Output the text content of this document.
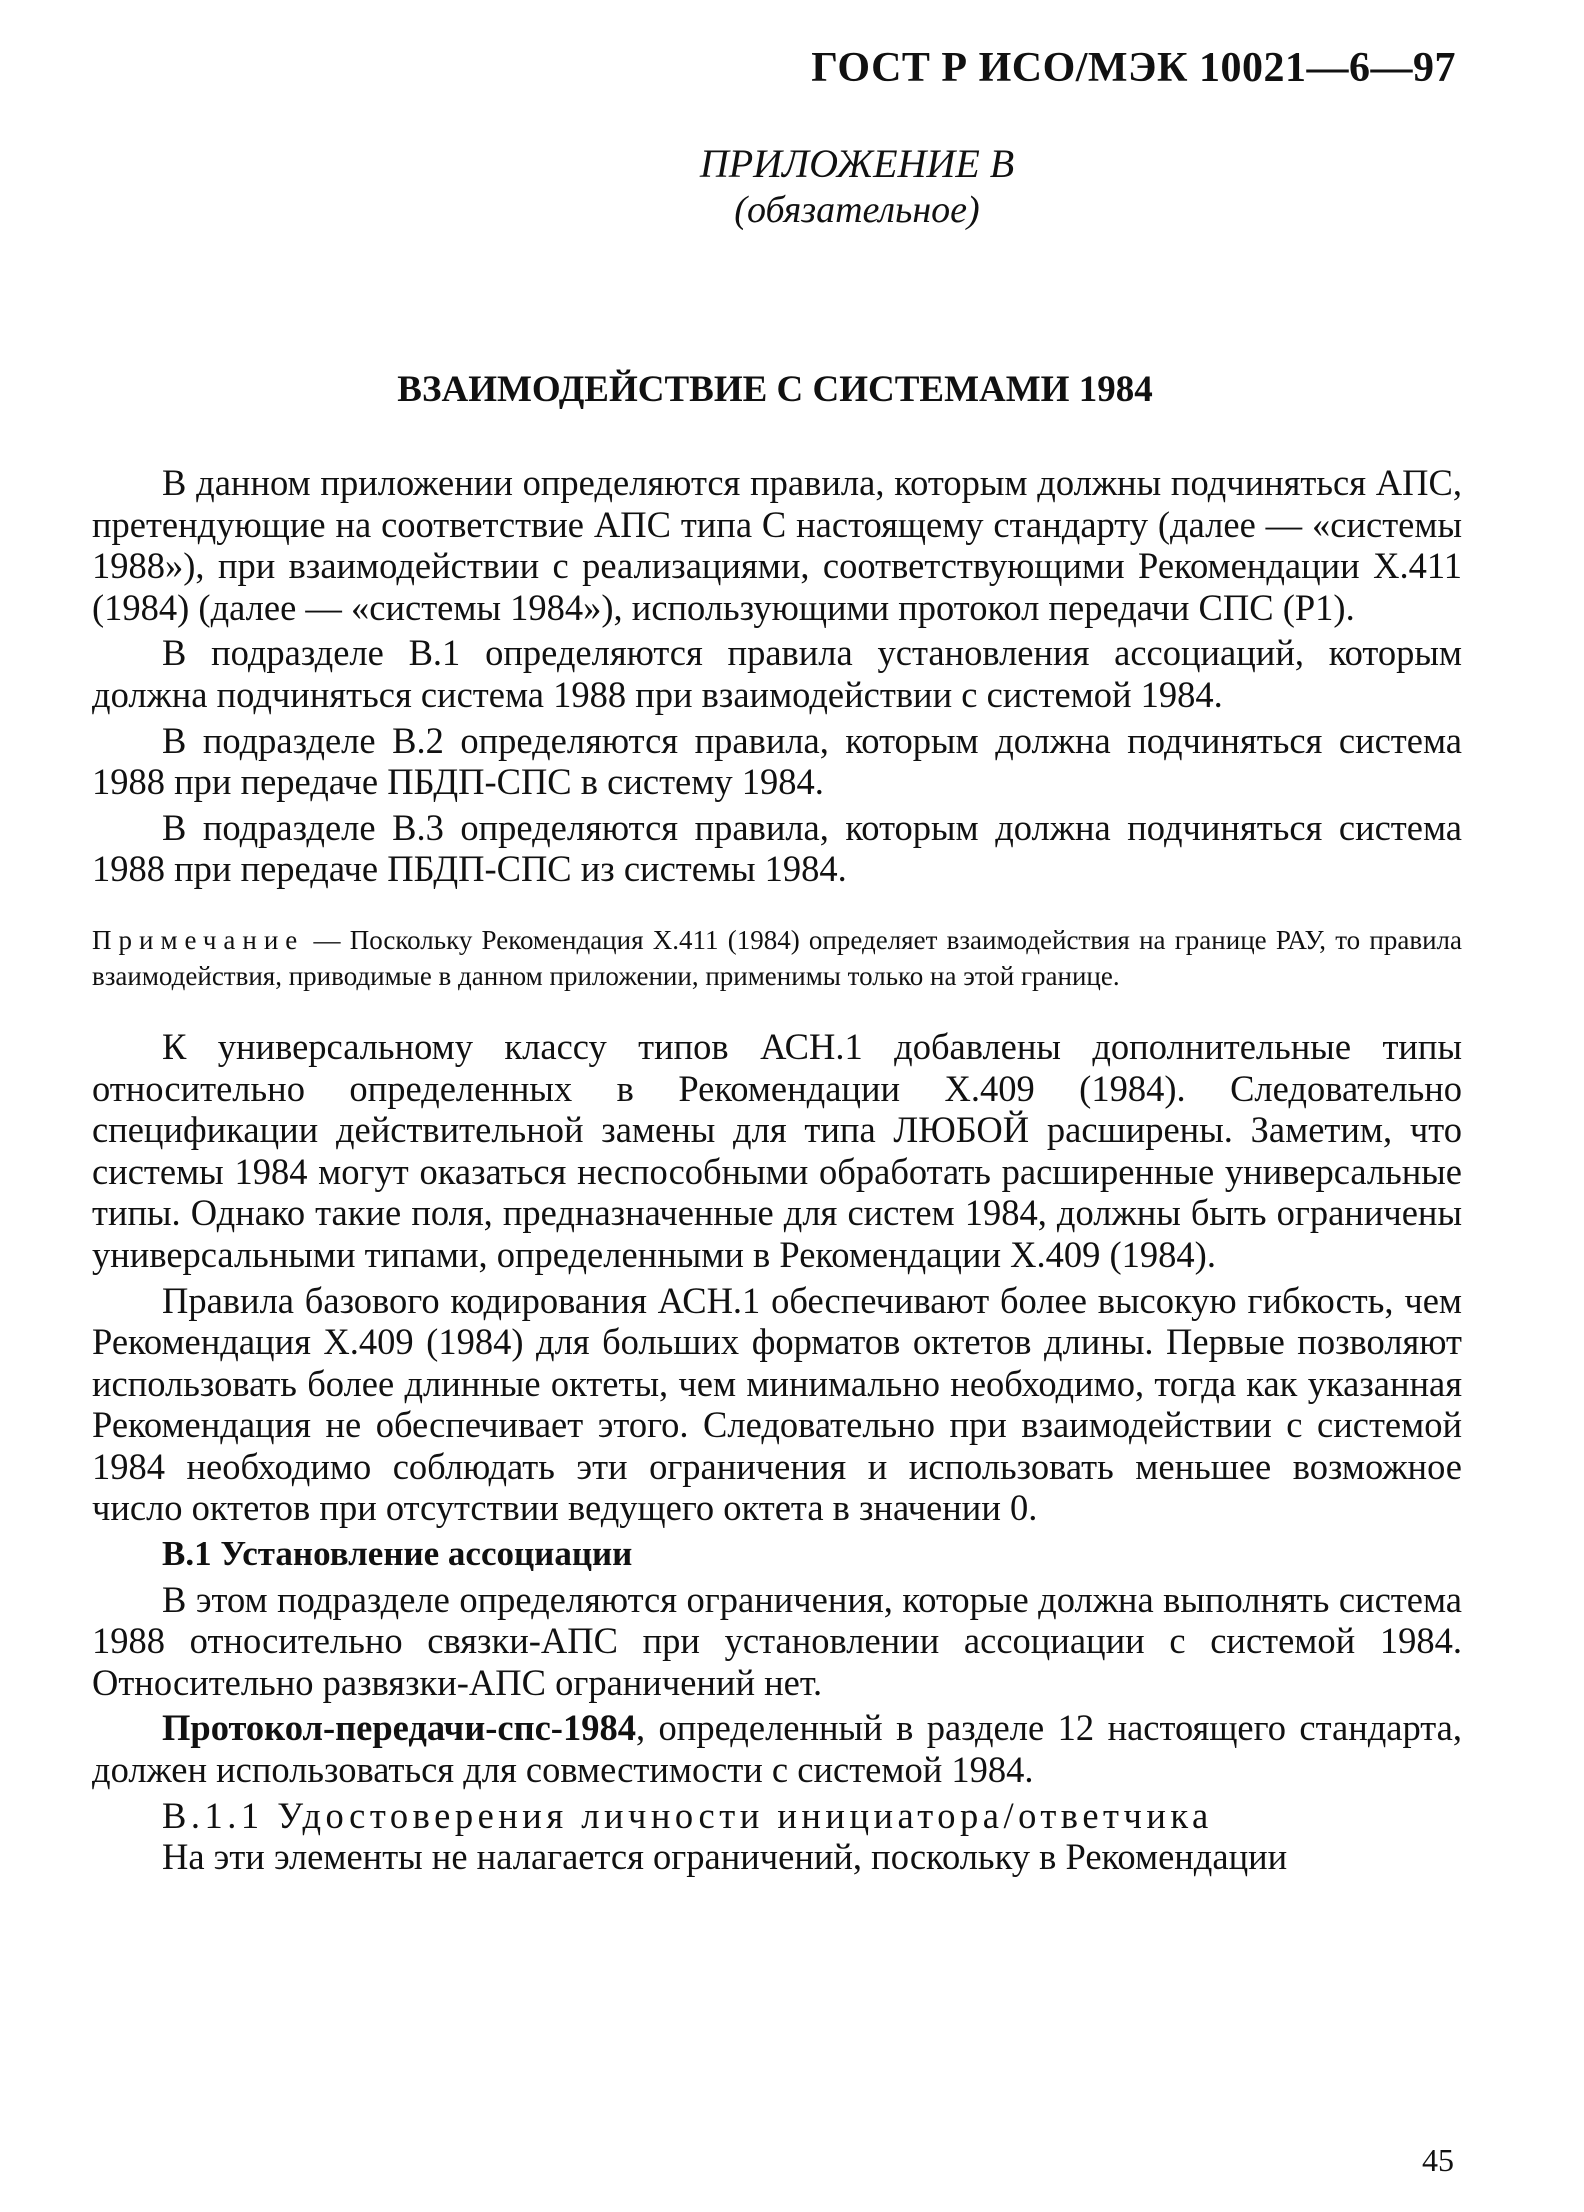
ГОСТ Р ИСО/МЭК 10021—6—97
ПРИЛОЖЕНИЕ В
(обязательное)
ВЗАИМОДЕЙСТВИЕ С СИСТЕМАМИ 1984

В данном приложении определяются правила, которым должны подчиняться АПС, претендующие на соответствие АПС типа С настоящему стандарту (далее — «системы 1988»), при взаимодействии с реализациями, соответствующими Рекомендации X.411 (1984) (далее — «системы 1984»), использующими протокол передачи СПС (Р1).

В подразделе В.1 определяются правила установления ассоциаций, которым должна подчиняться система 1988 при взаимодействии с системой 1984.

В подразделе В.2 определяются правила, которым должна подчиняться система 1988 при передаче ПБДП-СПС в систему 1984.

В подразделе В.3 определяются правила, которым должна подчиняться система 1988 при передаче ПБДП-СПС из системы 1984.

Примечание — Поскольку Рекомендация X.411 (1984) определяет взаимодействия на границе РАУ, то правила взаимодействия, приводимые в данном приложении, применимы только на этой границе.

К универсальному классу типов АСН.1 добавлены дополнительные типы относительно определенных в Рекомендации X.409 (1984). Следовательно спецификации действительной замены для типа ЛЮБОЙ расширены. Заметим, что системы 1984 могут оказаться неспособными обработать расширенные универсальные типы. Однако такие поля, предназначенные для систем 1984, должны быть ограничены универсальными типами, определенными в Рекомендации X.409 (1984).

Правила базового кодирования АСН.1 обеспечивают более высокую гибкость, чем Рекомендация X.409 (1984) для больших форматов октетов длины. Первые позволяют использовать более длинные октеты, чем минимально необходимо, тогда как указанная Рекомендация не обеспечивает этого. Следовательно при взаимодействии с системой 1984 необходимо соблюдать эти ограничения и использовать меньшее возможное число октетов при отсутствии ведущего октета в значении 0.

В.1 Установление ассоциации

В этом подразделе определяются ограничения, которые должна выполнять система 1988 относительно связки-АПС при установлении ассоциации с системой 1984. Относительно развязки-АПС ограничений нет.

Протокол-передачи-спс-1984, определенный в разделе 12 настоящего стандарта, должен использоваться для совместимости с системой 1984.

В.1.1 Удостоверения личности инициатора/ответчика

На эти элементы не налагается ограничений, поскольку в Рекомендации

45
